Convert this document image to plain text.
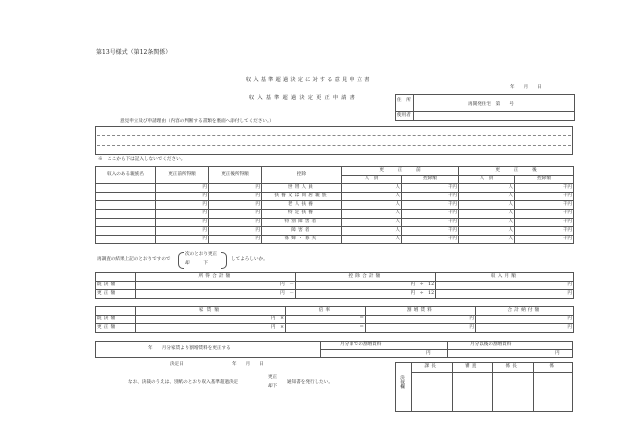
第13号様式（第12条関係）
収入基準超過決定に対する意見申立書
収入基準超過決定更正申請書
年　月　日
住　所
再開発住宅　第　　号
使用者
意見申立及び申請理由（内容の判断する書類を裏面へ添付してください。）
※　ここから下は記入しないでください。
収入のある親族名	更正前所得額	更正後所得額	控除	更　　　正　　　前		更　　　正　　　後	
				人　員	控除額	人　員	控除額
	円	円	世帯人員	人	千円	人	千円
	円	円	扶養又は同居親族	人	千円	人	千円
	円	円	老人扶養	人	千円	人	千円
	円	円	特定扶養	人	千円	人	千円
	円	円	特別障害者	人	千円	人	千円
	円	円	障害者	人	千円	人	千円
	円	円	寡婦・寡夫	人	千円	人	千円
再調査の結果上記のとおりですので
次のとおり更正
却　　　下
してよろしいか。
	所得合計額	控除合計額	収入月額
既決額	円　 －	円　 ÷　12　　	円
更正額	円　 －	円　 ÷　12　　	円
	家賃額	倍率	割増賃料	合計納付額
既決額	円　 ×	＝　　　	円	円
更正額	円　 ×	＝　　　	円	円
年　　月分家賃より割増賃料を更正する
月分までの割増賃料	月分以後の割増賃料
円	円
決定日	年　月　日
なお、決裁のうえは、別紙のとおり収入基準超過決定
更正
却下
通知書を発行したい。	決裁欄
課長	審査	係長	係
